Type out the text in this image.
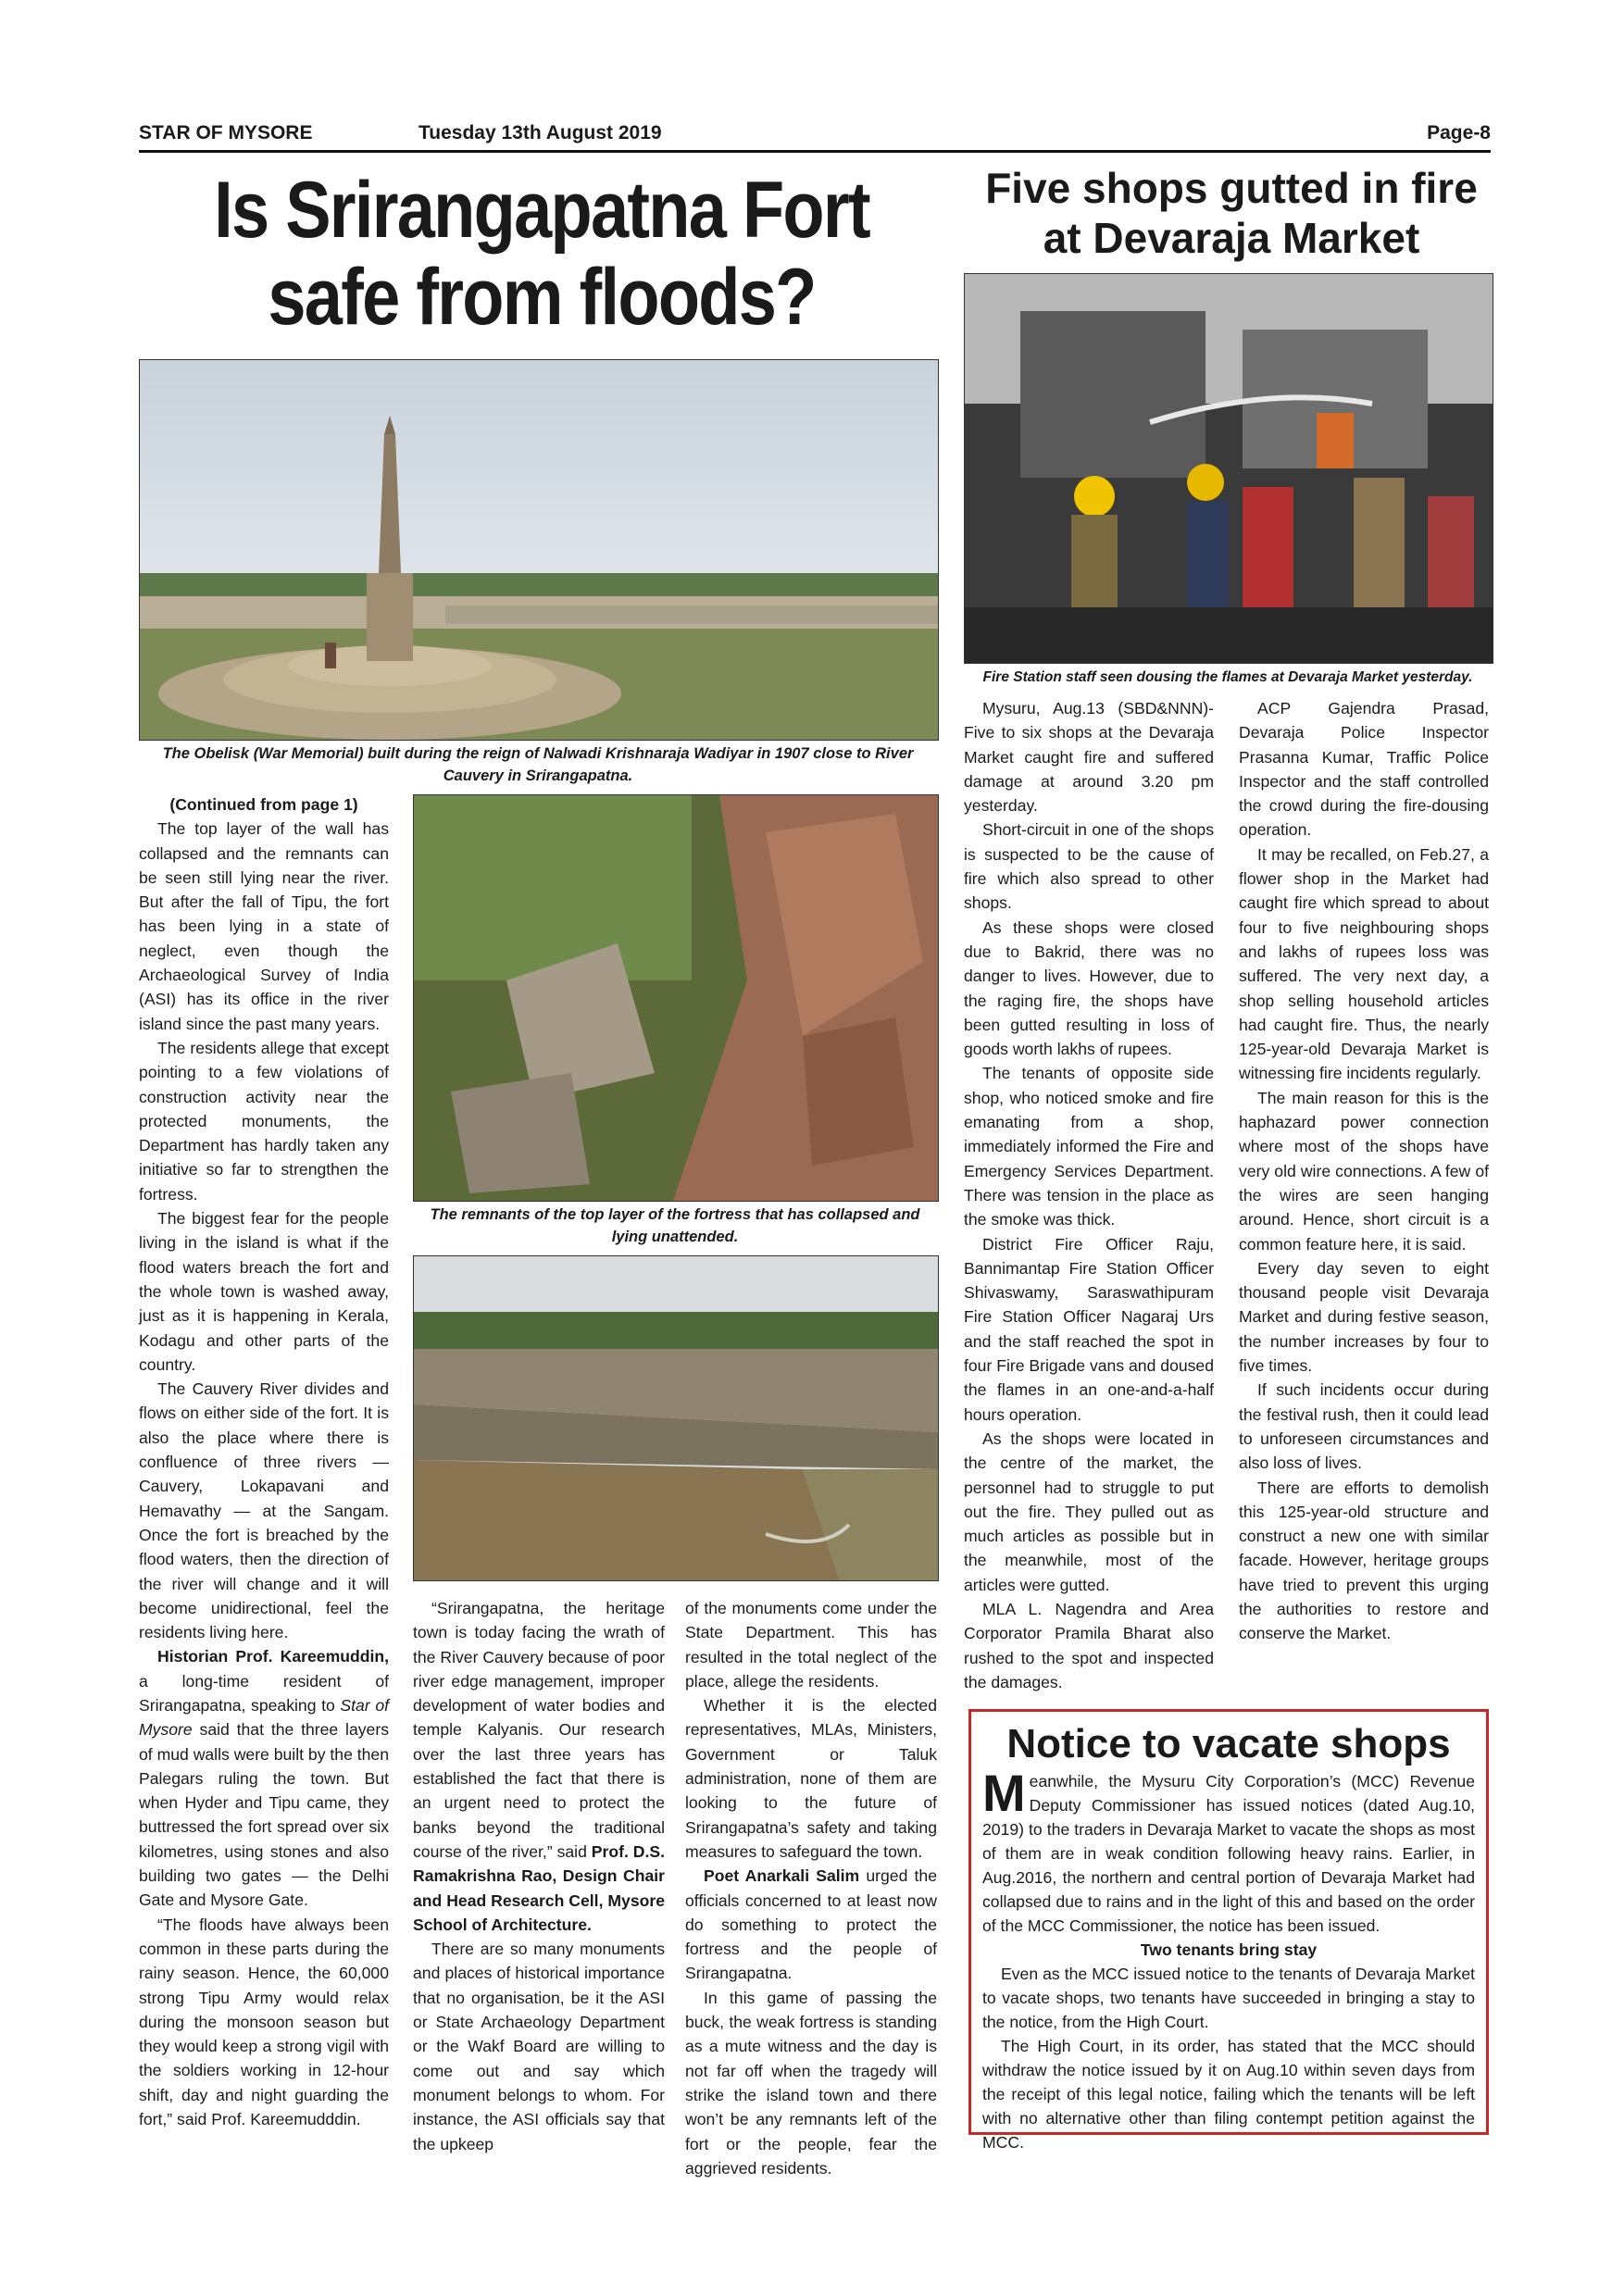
STAR OF MYSORE	Tuesday 13th August 2019	Page-8
Is Srirangapatna Fort safe from floods?
Five shops gutted in fire at Devaraja Market
The Obelisk (War Memorial) built during the reign of Nalwadi Krishnaraja Wadiyar in 1907 close to River Cauvery in Srirangapatna.
Fire Station staff seen dousing the flames at Devaraja Market yesterday.
The remnants of the top layer of the fortress that has collapsed and lying unattended.

(Continued from page 1)

The top layer of the wall has collapsed and the remnants can be seen still lying near the river. But after the fall of Tipu, the fort has been lying in a state of neglect, even though the Archaeological Survey of India (ASI) has its office in the river island since the past many years.

The residents allege that except pointing to a few violations of construction activity near the protected monuments, the Department has hardly taken any initiative so far to strengthen the fortress.

The biggest fear for the people living in the island is what if the flood waters breach the fort and the whole town is washed away, just as it is happening in Kerala, Kodagu and other parts of the country.

The Cauvery River divides and flows on either side of the fort. It is also the place where there is confluence of three rivers — Cauvery, Lokapavani and Hemavathy — at the Sangam. Once the fort is breached by the flood waters, then the direction of the river will change and it will become unidirectional, feel the residents living here.

Historian Prof. Kareemuddin, a long-time resident of Srirangapatna, speaking to Star of Mysore said that the three layers of mud walls were built by the then Palegars ruling the town. But when Hyder and Tipu came, they buttressed the fort spread over six kilometres, using stones and also building two gates — the Delhi Gate and Mysore Gate.

“The floods have always been common in these parts during the rainy season. Hence, the 60,000 strong Tipu Army would relax during the monsoon season but they would keep a strong vigil with the soldiers working in 12-hour shift, day and night guarding the fort,” said Prof. Kareemudddin.

“Srirangapatna, the heritage town is today facing the wrath of the River Cauvery because of poor river edge management, improper development of water bodies and temple Kalyanis. Our research over the last three years has established the fact that there is an urgent need to protect the banks beyond the traditional course of the river,” said Prof. D.S. Ramakrishna Rao, Design Chair and Head Research Cell, Mysore School of Architecture.

There are so many monuments and places of historical importance that no organisation, be it the ASI or State Archaeology Department or the Wakf Board are willing to come out and say which monument belongs to whom. For instance, the ASI officials say that the upkeep

of the monuments come under the State Department. This has resulted in the total neglect of the place, allege the residents.

Whether it is the elected representatives, MLAs, Ministers, Government or Taluk administration, none of them are looking to the future of Srirangapatna’s safety and taking measures to safeguard the town.

Poet Anarkali Salim urged the officials concerned to at least now do something to protect the fortress and the people of Srirangapatna.

In this game of passing the buck, the weak fortress is standing as a mute witness and the day is not far off when the tragedy will strike the island town and there won’t be any remnants left of the fort or the people, fear the aggrieved residents.

Mysuru, Aug.13 (SBD&NNN)- Five to six shops at the Devaraja Market caught fire and suffered damage at around 3.20 pm yesterday.

Short-circuit in one of the shops is suspected to be the cause of fire which also spread to other shops.

As these shops were closed due to Bakrid, there was no danger to lives. However, due to the raging fire, the shops have been gutted resulting in loss of goods worth lakhs of rupees.

The tenants of opposite side shop, who noticed smoke and fire emanating from a shop, immediately informed the Fire and Emergency Services Department. There was tension in the place as the smoke was thick.

District Fire Officer Raju, Bannimantap Fire Station Officer Shivaswamy, Saraswathipuram Fire Station Officer Nagaraj Urs and the staff reached the spot in four Fire Brigade vans and doused the flames in an one-and-a-half hours operation.

As the shops were located in the centre of the market, the personnel had to struggle to put out the fire. They pulled out as much articles as possible but in the meanwhile, most of the articles were gutted.

MLA L. Nagendra and Area Corporator Pramila Bharat also rushed to the spot and inspected the damages.

ACP Gajendra Prasad, Devaraja Police Inspector Prasanna Kumar, Traffic Police Inspector and the staff controlled the crowd during the fire-dousing operation.

It may be recalled, on Feb.27, a flower shop in the Market had caught fire which spread to about four to five neighbouring shops and lakhs of rupees loss was suffered. The very next day, a shop selling household articles had caught fire. Thus, the nearly 125-year-old Devaraja Market is witnessing fire incidents regularly.

The main reason for this is the haphazard power connection where most of the shops have very old wire connections. A few of the wires are seen hanging around. Hence, short circuit is a common feature here, it is said.

Every day seven to eight thousand people visit Devaraja Market and during festive season, the number increases by four to five times.

If such incidents occur during the festival rush, then it could lead to unforeseen circumstances and also loss of lives.

There are efforts to demolish this 125-year-old structure and construct a new one with similar facade. However, heritage groups have tried to prevent this urging the authorities to restore and conserve the Market.

Notice to vacate shops

Meanwhile, the Mysuru City Corporation’s (MCC) Revenue Deputy Commissioner has issued notices (dated Aug.10, 2019) to the traders in Devaraja Market to vacate the shops as most of them are in weak condition following heavy rains. Earlier, in Aug.2016, the northern and central portion of Devaraja Market had collapsed due to rains and in the light of this and based on the order of the MCC Commissioner, the notice has been issued.

Two tenants bring stay

Even as the MCC issued notice to the tenants of Devaraja Market to vacate shops, two tenants have succeeded in bringing a stay to the notice, from the High Court.

The High Court, in its order, has stated that the MCC should withdraw the notice issued by it on Aug.10 within seven days from the receipt of this legal notice, failing which the tenants will be left with no alternative other than filing contempt petition against the MCC.
